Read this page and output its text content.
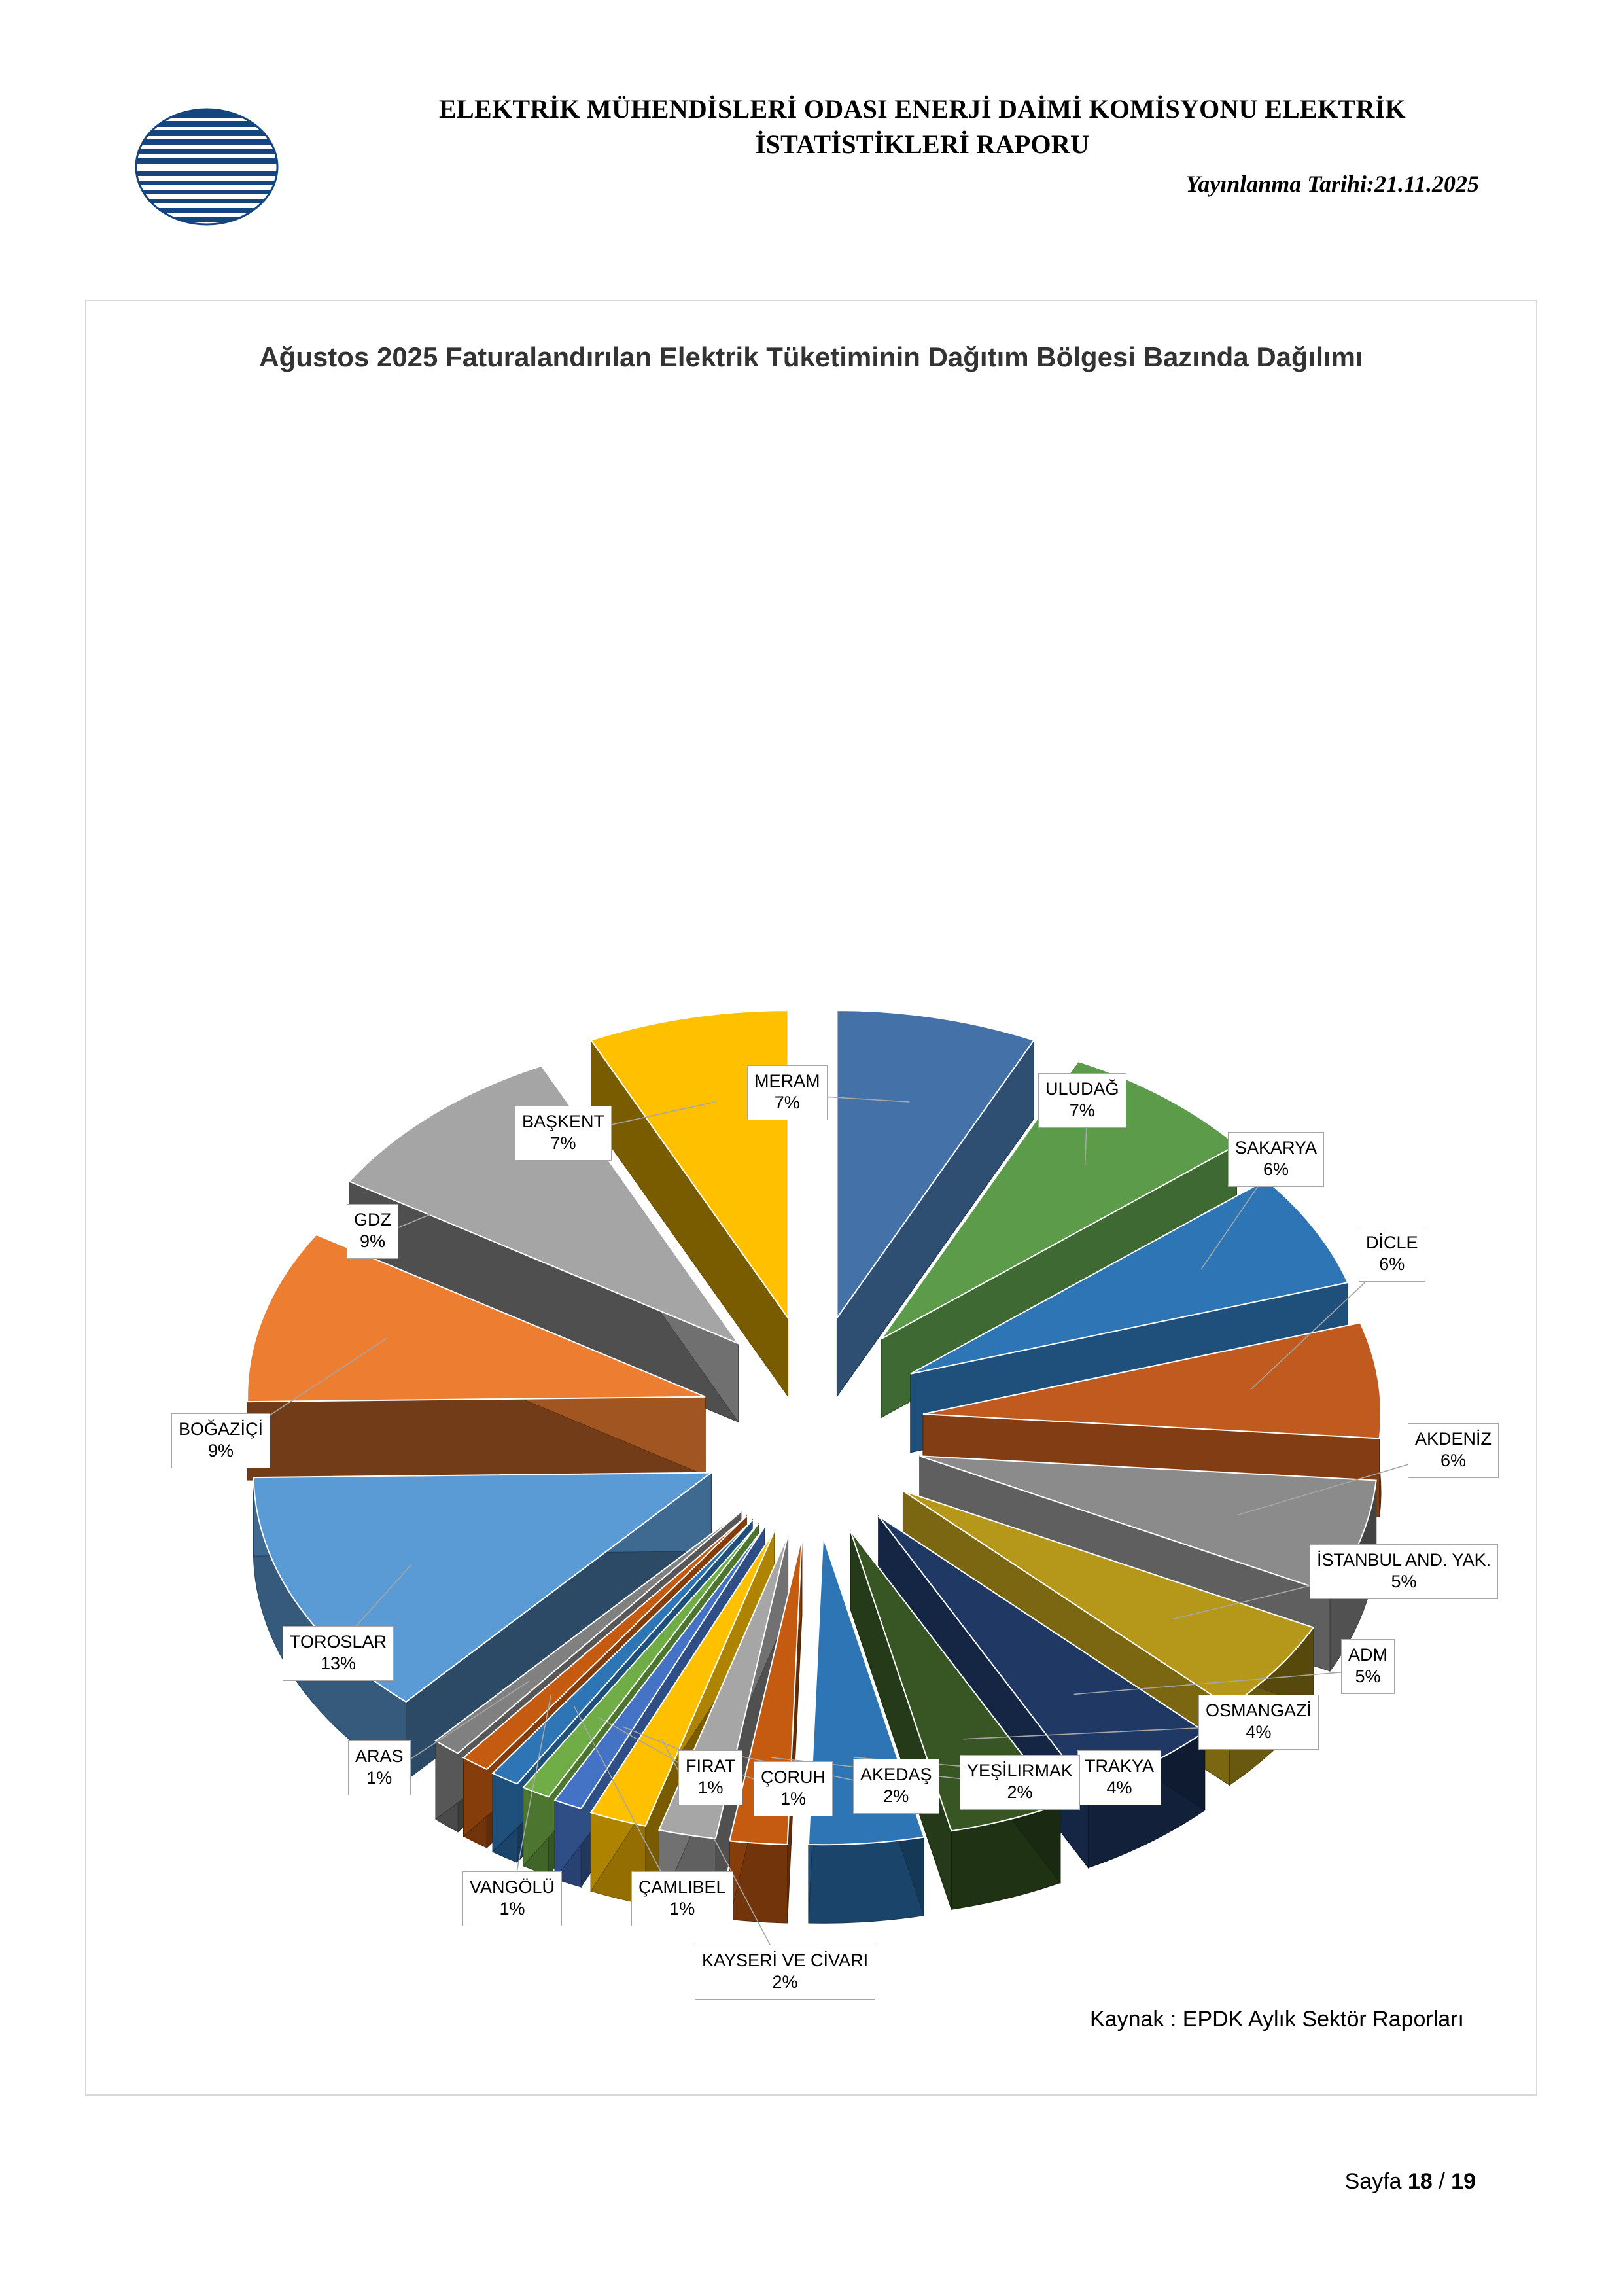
ELEKTRİK MÜHENDİSLERİ ODASI ENERJİ DAİMİ KOMİSYONU ELEKTRİK
İSTATİSTİKLERİ RAPORU
Yayınlanma Tarihi:21.11.2025
Ağustos 2025 Faturalandırılan Elektrik Tüketiminin Dağıtım Bölgesi Bazında Dağılımı
MERAM
7%
ULUDAĞ
7%
SAKARYA
6%
DİCLE
6%
AKDENİZ
6%
İSTANBUL AND. YAK.
5%
ADM
5%
OSMANGAZİ
4%
TRAKYA
4%
YEŞİLIRMAK
2%
AKEDAŞ
2%
KAYSERİ VE CİVARI
2%
ÇORUH
1%
FIRAT
1%
ÇAMLIBEL
1%
VANGÖLÜ
1%
ARAS
1%
TOROSLAR
13%
BOĞAZİÇİ
9%
GDZ
9%
BAŞKENT
7%
Kaynak : EPDK Aylık Sektör Raporları
Sayfa 18 / 19
